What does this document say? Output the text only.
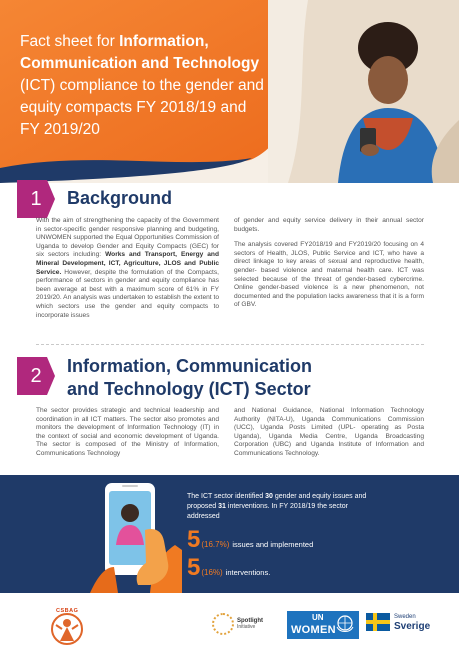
Fact sheet for Information, Communication and Technology (ICT) compliance to the gender and equity compacts FY 2018/19 and FY 2019/20
1	Background

With the aim of strengthening the capacity of the Government in sector-specific gender responsive planning and budgeting, UNWOMEN supported the Equal Opportunities Commission of Uganda to develop Gender and Equity Compacts (GEC) for six sectors including: Works and Transport, Energy and Mineral Development, ICT, Agriculture, JLOS and Public Service. However, despite the formulation of the Compacts, performance of sectors in gender and equity compliance has been average at best with a maximum score of 61% in FY 2019/20. An analysis was undertaken to establish the extent to which sectors use the gender and equity compacts to incorporate issues

of gender and equity service delivery in their annual sector budgets.

The analysis covered FY2018/19 and FY2019/20 focusing on 4 sectors of Health, JLOS, Public Service and ICT, who have a direct linkage to key areas of sexual and reproductive health, gender- based violence and maternal health care. ICT was selected because of the threat of gender-based cybercrime. Online gender-based violence is a new phenomenon, not documented and the population lacks awareness that it is a form of GBV.

2	Information, Communication and Technology (ICT) Sector

The sector provides strategic and technical leadership and coordination in all ICT matters. The sector also promotes and monitors the development of Information Technology (IT) in the context of social and economic development of Uganda. The sector is composed of the Ministry of Information, Communications Technology

and National Guidance, National Information Technology Authority (NITA-U), Uganda Communications Commission (UCC), Uganda Posts Limited (UPL- operating as Posta Uganda), Uganda Media Centre, Uganda Broadcasting Corporation (UBC) and Uganda Institute of Information and Communications Technology.

The ICT sector identified 30 gender and equity issues and proposed 31 interventions. In FY 2018/19 the sector addressed
5 (16.7%) issues and implemented
5 (16%) interventions.
CSBAG
Spotlight
Initiative
UN
WOMEN
Sweden
Sverige
